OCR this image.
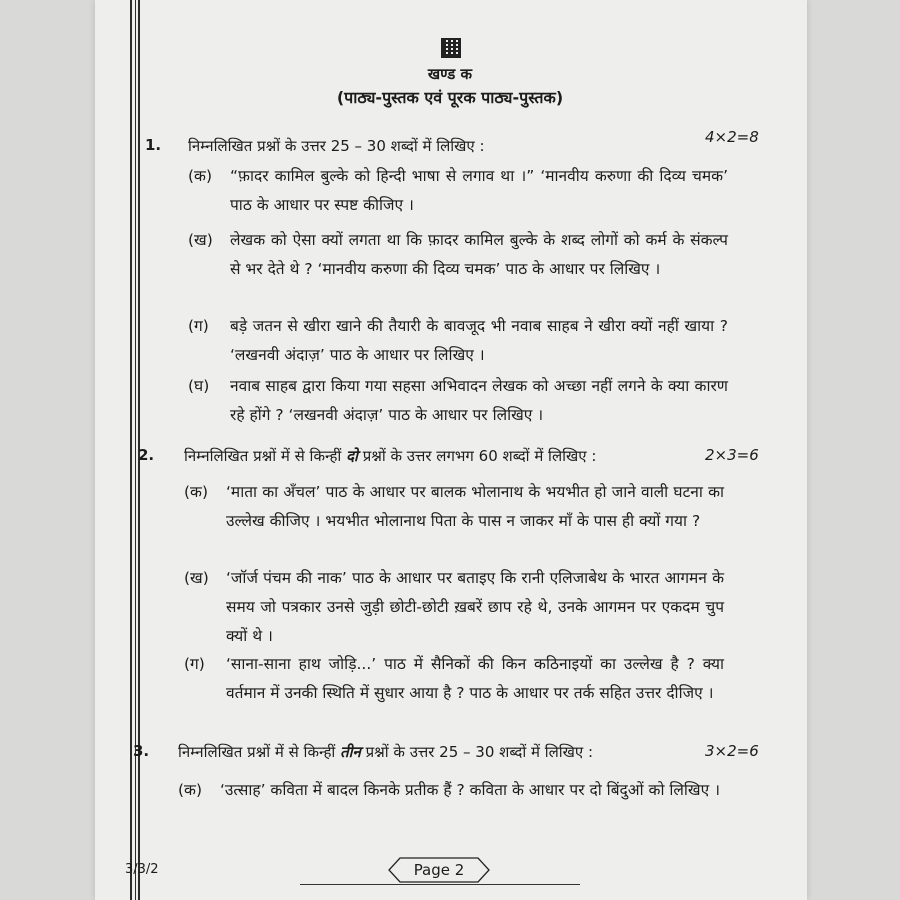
खण्ड क
(पाठ्य-पुस्तक एवं पूरक पाठ्य-पुस्तक)
1. निम्नलिखित प्रश्नों के उत्तर 25 – 30 शब्दों में लिखिए :	4×2=8
(क)	“फ़ादर कामिल बुल्के को हिन्दी भाषा से लगाव था ।” ‘मानवीय करुणा की दिव्य चमक’ पाठ के आधार पर स्पष्ट कीजिए ।
(ख)	लेखक को ऐसा क्यों लगता था कि फ़ादर कामिल बुल्के के शब्द लोगों को कर्म के संकल्प से भर देते थे ? ‘मानवीय करुणा की दिव्य चमक’ पाठ के आधार पर लिखिए ।
(ग)	बड़े जतन से खीरा खाने की तैयारी के बावजूद भी नवाब साहब ने खीरा क्यों नहीं खाया ? ‘लखनवी अंदाज़’ पाठ के आधार पर लिखिए ।
(घ)	नवाब साहब द्वारा किया गया सहसा अभिवादन लेखक को अच्छा नहीं लगने के क्या कारण रहे होंगे ? ‘लखनवी अंदाज़’ पाठ के आधार पर लिखिए ।
2. निम्नलिखित प्रश्नों में से किन्हीं दो प्रश्नों के उत्तर लगभग 60 शब्दों में लिखिए :	2×3=6
(क)	‘माता का अँचल’ पाठ के आधार पर बालक भोलानाथ के भयभीत हो जाने वाली घटना का उल्लेख कीजिए । भयभीत भोलानाथ पिता के पास न जाकर माँ के पास ही क्यों गया ?
(ख)	‘जॉर्ज पंचम की नाक’ पाठ के आधार पर बताइए कि रानी एलिजाबेथ के भारत आगमन के समय जो पत्रकार उनसे जुड़ी छोटी-छोटी ख़बरें छाप रहे थे, उनके आगमन पर एकदम चुप क्यों थे ।
(ग)	‘साना-साना हाथ जोड़ि...’ पाठ में सैनिकों की किन कठिनाइयों का उल्लेख है ? क्या वर्तमान में उनकी स्थिति में सुधार आया है ? पाठ के आधार पर तर्क सहित उत्तर दीजिए ।
3. निम्नलिखित प्रश्नों में से किन्हीं तीन प्रश्नों के उत्तर 25 – 30 शब्दों में लिखिए :	3×2=6
(क)	‘उत्साह’ कविता में बादल किनके प्रतीक हैं ? कविता के आधार पर दो बिंदुओं को लिखिए ।
3/3/2	Page 2
